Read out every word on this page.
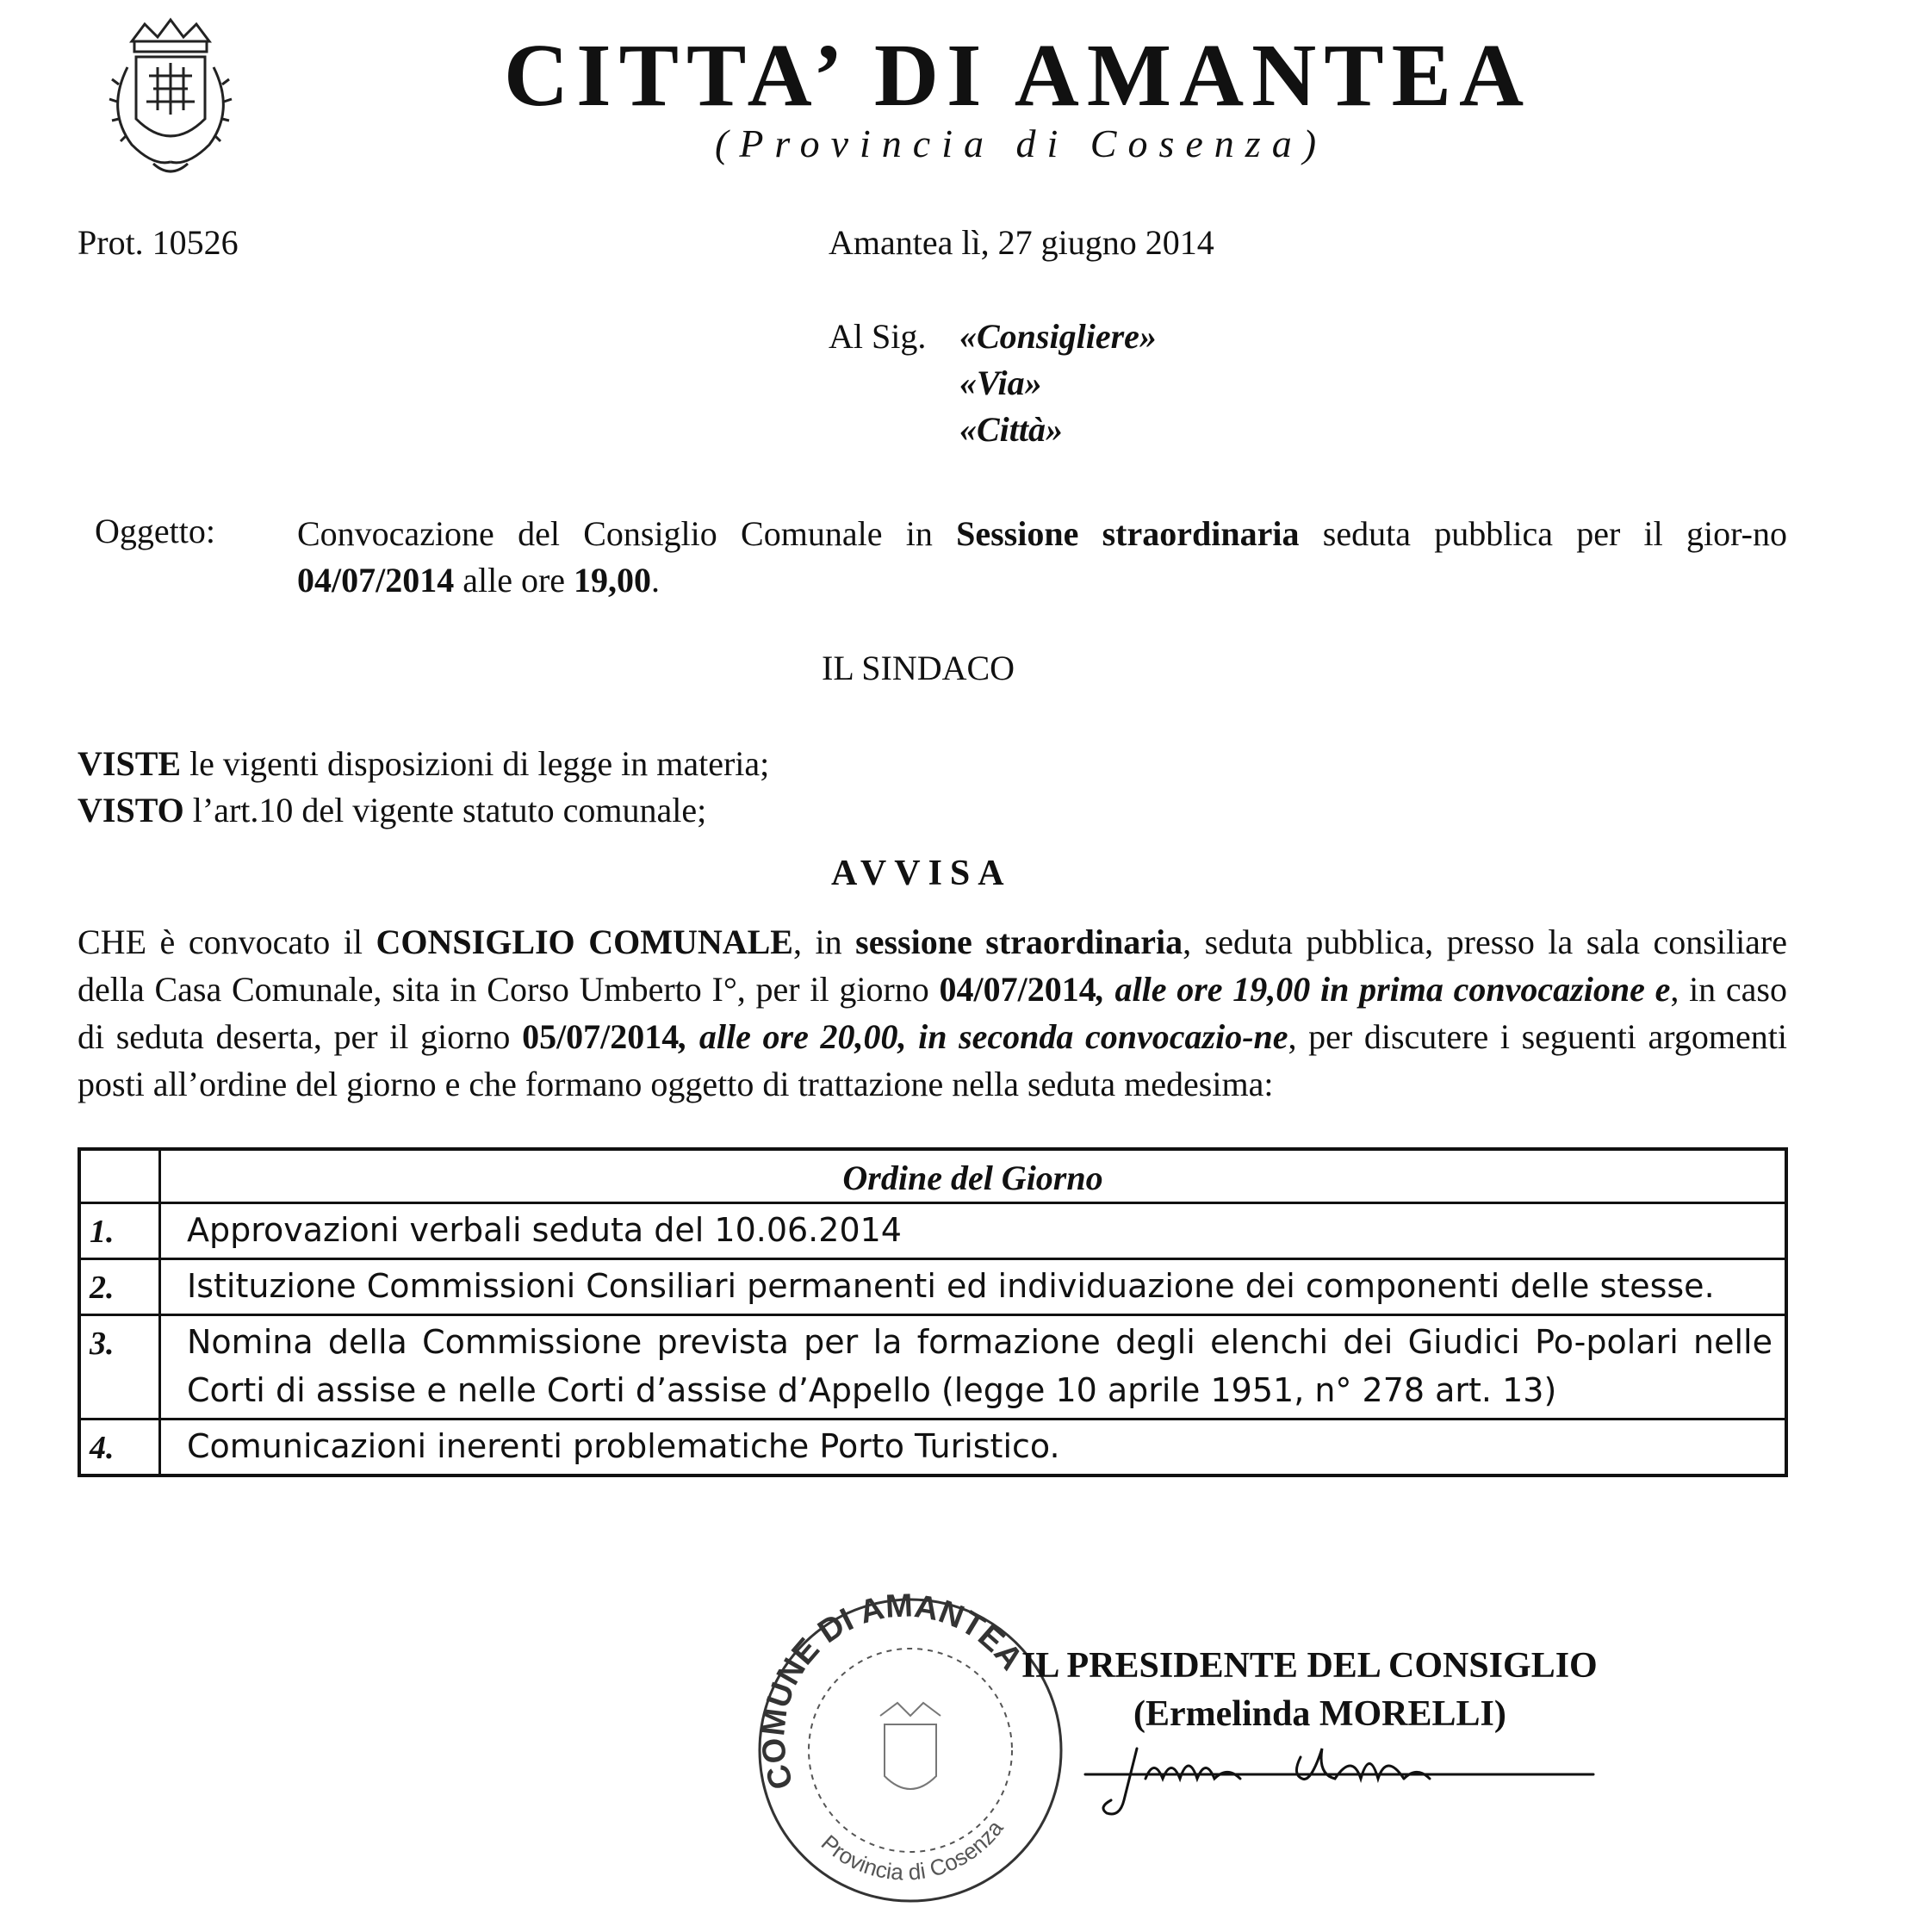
CITTA’ DI AMANTEA
(Provincia di Cosenza)
Prot. 10526	Amantea lì, 27 giugno 2014
Al Sig. «Consigliere»
«Via»
«Città»
Oggetto: Convocazione del Consiglio Comunale in Sessione straordinaria seduta pubblica per il gior-no 04/07/2014 alle ore 19,00.
IL SINDACO
VISTE le vigenti disposizioni di legge in materia;
VISTO l’art.10 del vigente statuto comunale;
AVVISA
CHE è convocato il CONSIGLIO COMUNALE, in sessione straordinaria, seduta pubblica, presso la sala consiliare della Casa Comunale, sita in Corso Umberto I°, per il giorno 04/07/2014, alle ore 19,00 in prima convocazione e, in caso di seduta deserta, per il giorno 05/07/2014, alle ore 20,00, in seconda convocazio-ne, per discutere i seguenti argomenti posti all’ordine del giorno e che formano oggetto di trattazione nella seduta medesima:
	Ordine del Giorno
1.	Approvazioni verbali seduta del 10.06.2014
2.	Istituzione Commissioni Consiliari permanenti ed individuazione dei componenti delle stesse.
3.	Nomina della Commissione prevista per la formazione degli elenchi dei Giudici Po-polari nelle Corti di assise e nelle Corti d’assise d’Appello (legge 10 aprile 1951, n° 278 art. 13)
4.	Comunicazioni inerenti problematiche Porto Turistico.
COMUNE DI AMANTEA
Provincia di Cosenza
IL PRESIDENTE DEL CONSIGLIO
(Ermelinda MORELLI)
